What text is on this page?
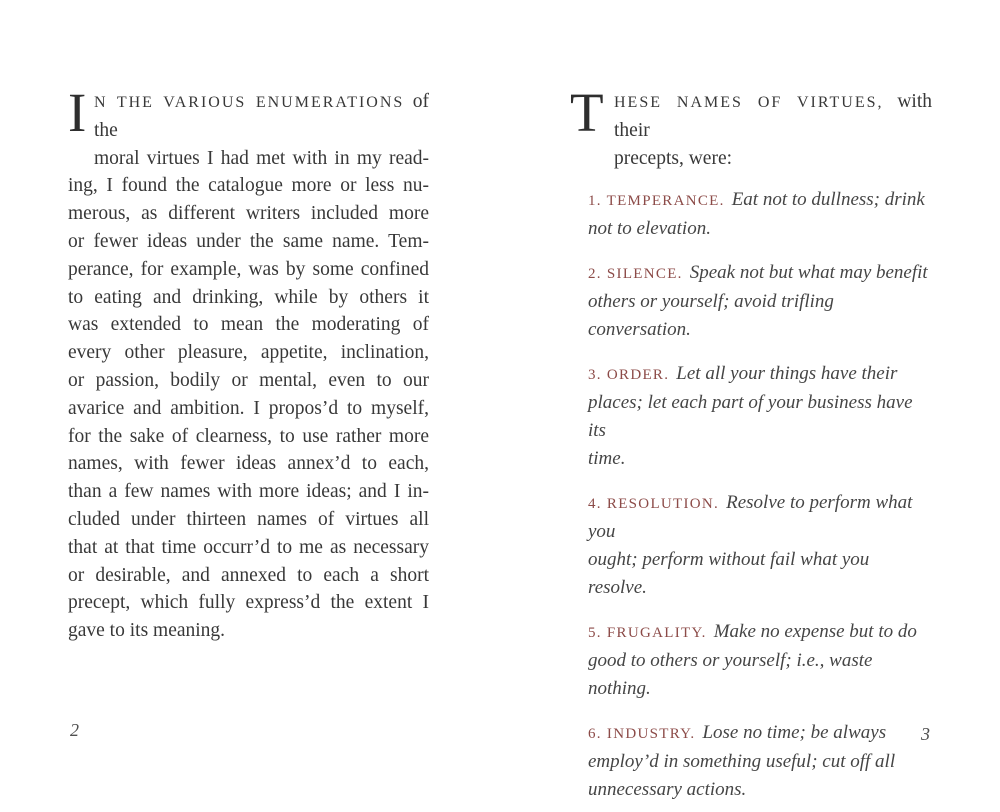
I N THE VARIOUS ENUMERATIONS of the
moral virtues I had met with in my read-
ing, I found the catalogue more or less nu-
merous, as different writers included more
or fewer ideas under the same name. Tem-
perance, for example, was by some confined
to eating and drinking, while by others it
was extended to mean the moderating of
every other pleasure, appetite, inclination,
or passion, bodily or mental, even to our
avarice and ambition. I propos’d to myself,
for the sake of clearness, to use rather more
names, with fewer ideas annex’d to each,
than a few names with more ideas; and I in-
cluded under thirteen names of virtues all
that at that time occurr’d to me as necessary
or desirable, and annexed to each a short
precept, which fully express’d the extent I
gave to its meaning.
T HESE NAMES OF VIRTUES, with their
precepts, were:
1. TEMPERANCE. Eat not to dullness; drink
not to elevation.
2. SILENCE. Speak not but what may benefit
others or yourself; avoid trifling conversation.
3. ORDER. Let all your things have their
places; let each part of your business have its
time.
4. RESOLUTION. Resolve to perform what you
ought; perform without fail what you resolve.
5. FRUGALITY. Make no expense but to do
good to others or yourself; i.e., waste nothing.
6. INDUSTRY. Lose no time; be always
employ’d in something useful; cut off all
unnecessary actions.
2	3
